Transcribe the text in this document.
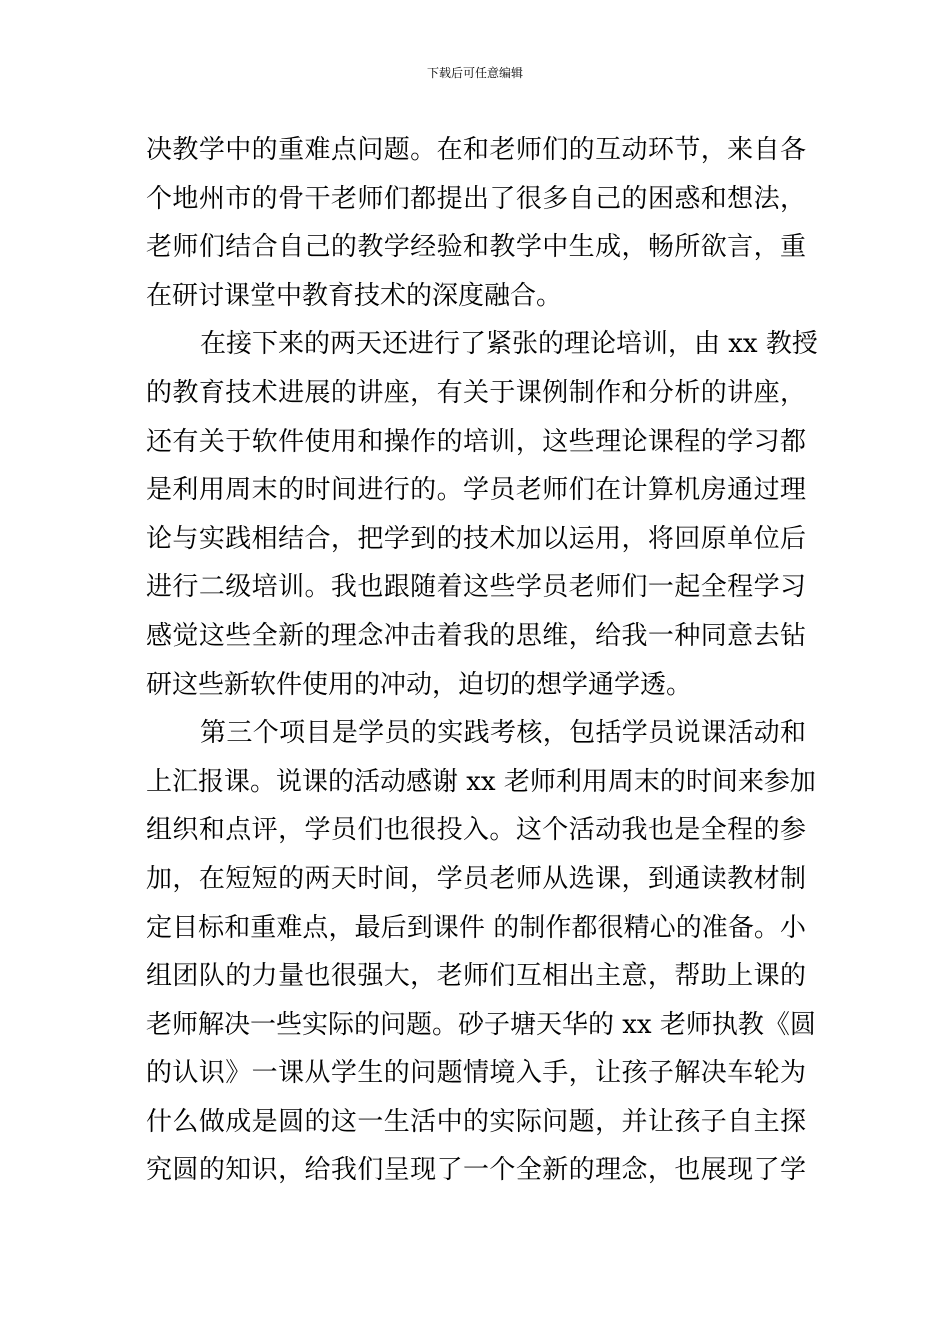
下载后可任意编辑
决教学中的重难点问题。在和老师们的互动环节，来自各
个地州市的骨干老师们都提出了很多自己的困惑和想法，
老师们结合自己的教学经验和教学中生成，畅所欲言，重
在研讨课堂中教育技术的深度融合。
在接下来的两天还进行了紧张的理论培训，由 xx 教授
的教育技术进展的讲座，有关于课例制作和分析的讲座，
还有关于软件使用和操作的培训，这些理论课程的学习都
是利用周末的时间进行的。学员老师们在计算机房通过理
论与实践相结合，把学到的技术加以运用，将回原单位后
进行二级培训。我也跟随着这些学员老师们一起全程学习
感觉这些全新的理念冲击着我的思维，给我一种同意去钻
研这些新软件使用的冲动，迫切的想学通学透。
第三个项目是学员的实践考核，包括学员说课活动和
上汇报课。说课的活动感谢 xx 老师利用周末的时间来参加
组织和点评，学员们也很投入。这个活动我也是全程的参
加，在短短的两天时间，学员老师从选课，到通读教材制
定目标和重难点，最后到课件 的制作都很精心的准备。小
组团队的力量也很强大，老师们互相出主意，帮助上课的
老师解决一些实际的问题。砂子塘天华的 xx 老师执教《圆
的认识》一课从学生的问题情境入手，让孩子解决车轮为
什么做成是圆的这一生活中的实际问题，并让孩子自主探
究圆的知识，给我们呈现了一个全新的理念，也展现了学
